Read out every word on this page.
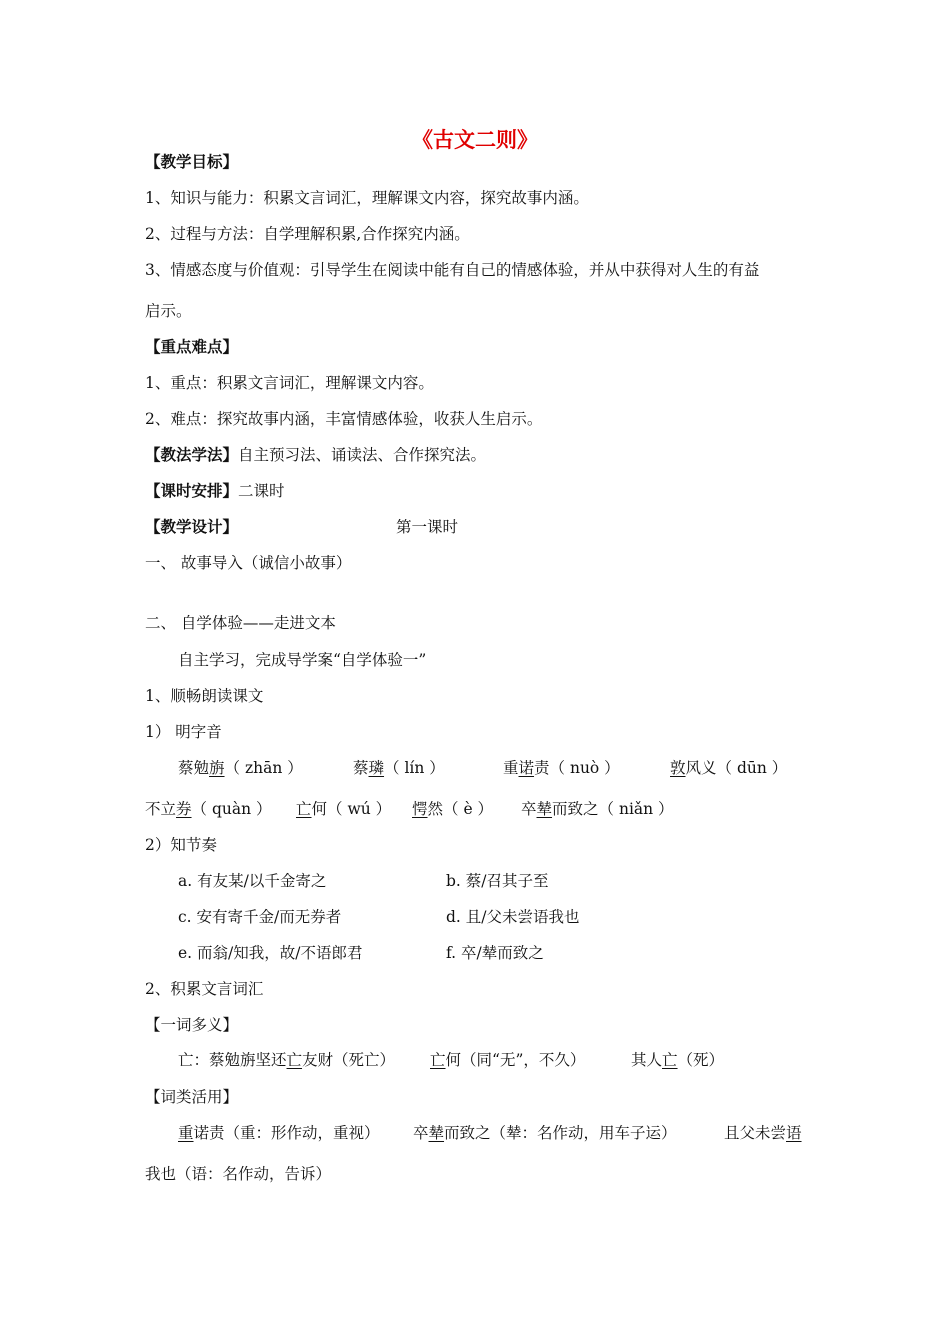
《古文二则》
【教学目标】
1、知识与能力：积累文言词汇，理解课文内容，探究故事内涵。
2、过程与方法：自学理解积累,合作探究内涵。
3、情感态度与价值观：引导学生在阅读中能有自己的情感体验，并从中获得对人生的有益
启示。
【重点难点】
1、重点：积累文言词汇，理解课文内容。
2、难点：探究故事内涵，丰富情感体验，收获人生启示。
【教法学法】自主预习法、诵读法、合作探究法。
【课时安排】二课时
【教学设计】	第一课时
一、 故事导入（诚信小故事）
二、 自学体验——走进文本
自主学习，完成导学案“自学体验一”
1、顺畅朗读课文
1） 明字音
蔡勉旃（ zhān ）	蔡璘（ lín ）	重诺责（ nuò ）	敦风义（ dūn ）
不立券（ quàn ） 亡何（ wú ） 愕然（ è ） 卒辇而致之（ niǎn ）
2）知节奏
a. 有友某/以千金寄之	b. 蔡/召其子至
c. 安有寄千金/而无券者	d. 且/父未尝语我也
e. 而翁/知我，故/不语郎君	f. 卒/辇而致之
2、积累文言词汇
【一词多义】
亡：蔡勉旃坚还亡友财（死亡） 亡何（同“无”，不久）	其人亡（死）
【词类活用】
重诺责（重：形作动，重视） 卒辇而致之（辇：名作动，用车子运）	且父未尝语
我也（语：名作动，告诉）
